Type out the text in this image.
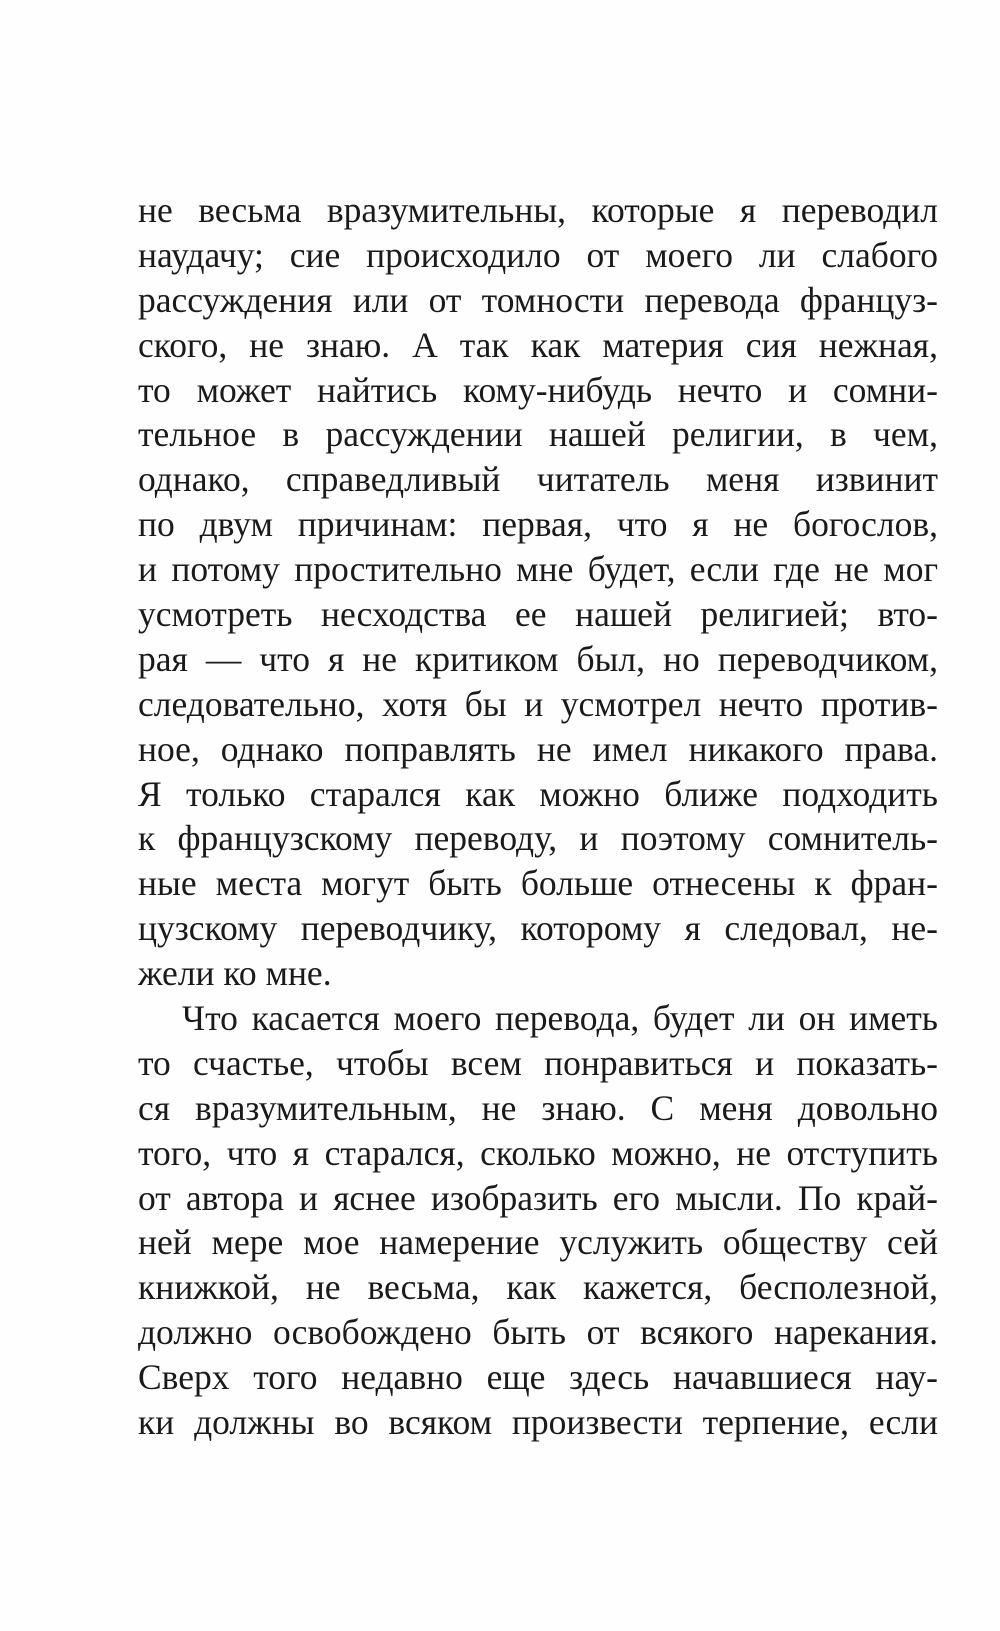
не весьма вразумительны, которые я переводил
наудачу; сие происходило от моего ли слабого
рассуждения или от томности перевода француз-
ского, не знаю. А так как материя сия нежная,
то может найтись кому-нибудь нечто и сомни-
тельное в рассуждении нашей религии, в чем,
однако, справедливый читатель меня извинит
по двум причинам: первая, что я не богослов,
и потому простительно мне будет, если где не мог
усмотреть несходства ее нашей религией; вто-
рая — что я не критиком был, но переводчиком,
следовательно, хотя бы и усмотрел нечто против-
ное, однако поправлять не имел никакого права.
Я только старался как можно ближе подходить
к французскому переводу, и поэтому сомнитель-
ные места могут быть больше отнесены к фран-
цузскому переводчику, которому я следовал, не-
жели ко мне.
Что касается моего перевода, будет ли он иметь
то счастье, чтобы всем понравиться и показать-
ся вразумительным, не знаю. С меня довольно
того, что я старался, сколько можно, не отступить
от автора и яснее изобразить его мысли. По край-
ней мере мое намерение услужить обществу сей
книжкой, не весьма, как кажется, бесполезной,
должно освобождено быть от всякого нарекания.
Сверх того недавно еще здесь начавшиеся нау-
ки должны во всяком произвести терпение, если
